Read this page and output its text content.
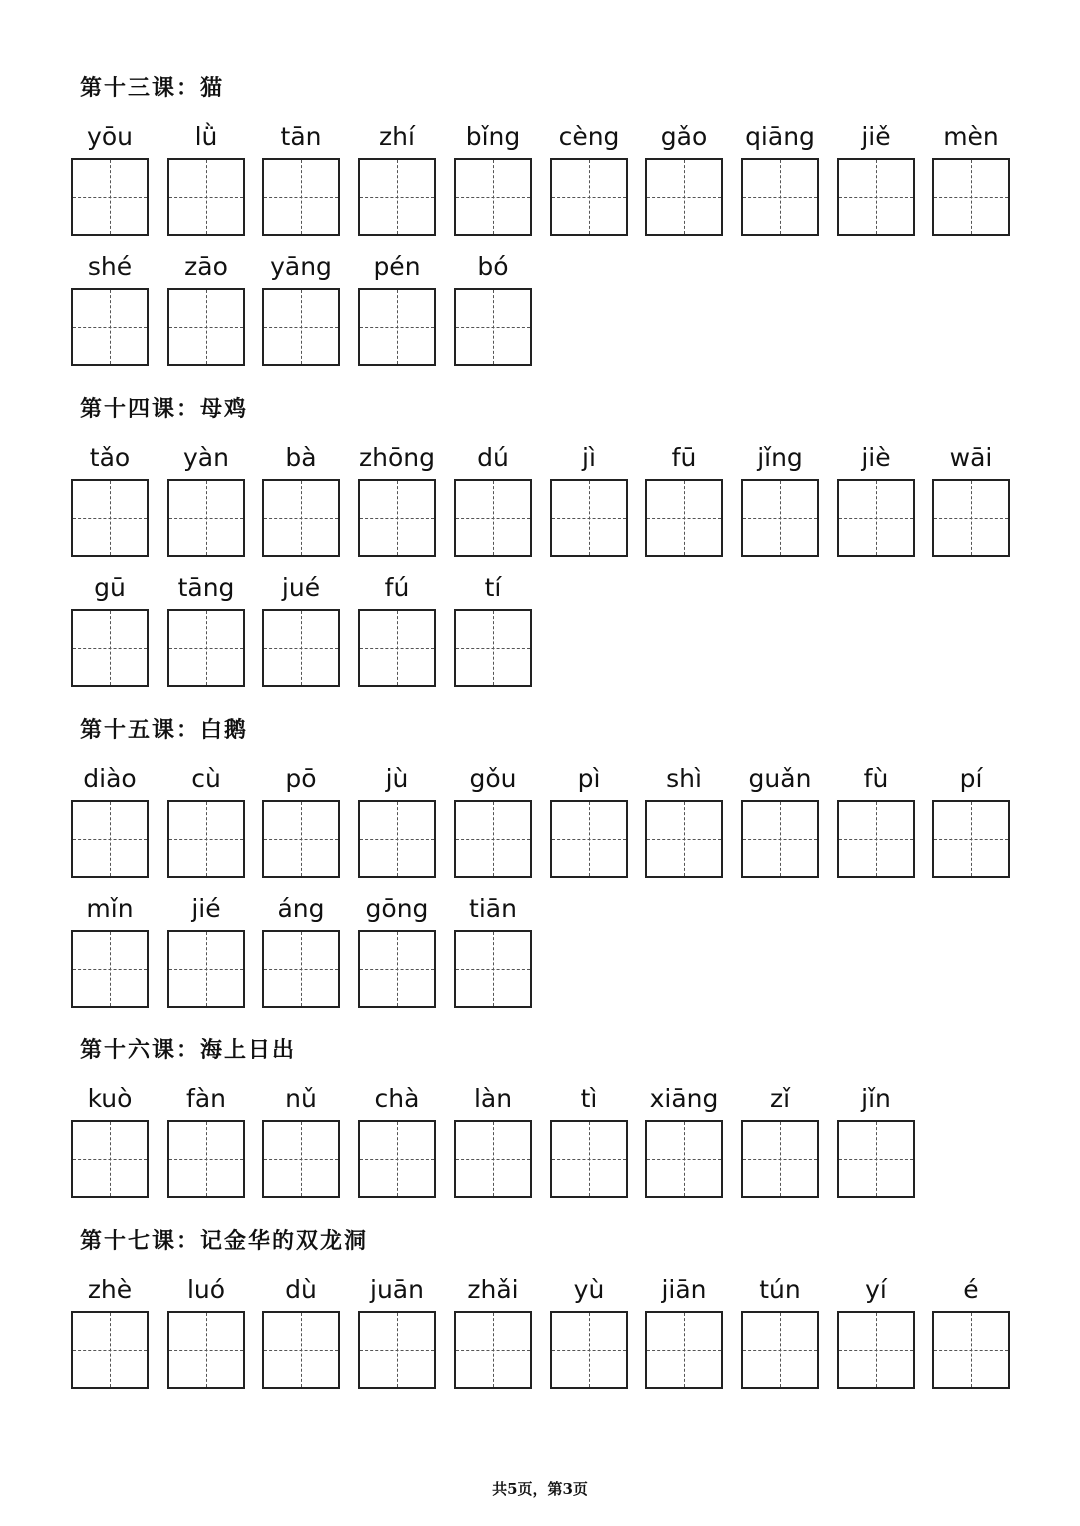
第十三课：猫
yōu	lǜ	tān	zhí	bǐng	cèng	gǎo	qiāng	jiě	mèn
shé	zāo	yāng	pén	bó
第十四课：母鸡
tǎo	yàn	bà	zhōng	dú	jì	fū	jǐng	jiè	wāi
gū	tāng	jué	fú	tí
第十五课：白鹅
diào	cù	pō	jù	gǒu	pì	shì	guǎn	fù	pí
mǐn	jié	áng	gōng	tiān
第十六课：海上日出
kuò	fàn	nǔ	chà	làn	tì	xiāng	zǐ	jǐn
第十七课：记金华的双龙洞
zhè	luó	dù	juān	zhǎi	yù	jiān	tún	yí	é
共5页，第3页
